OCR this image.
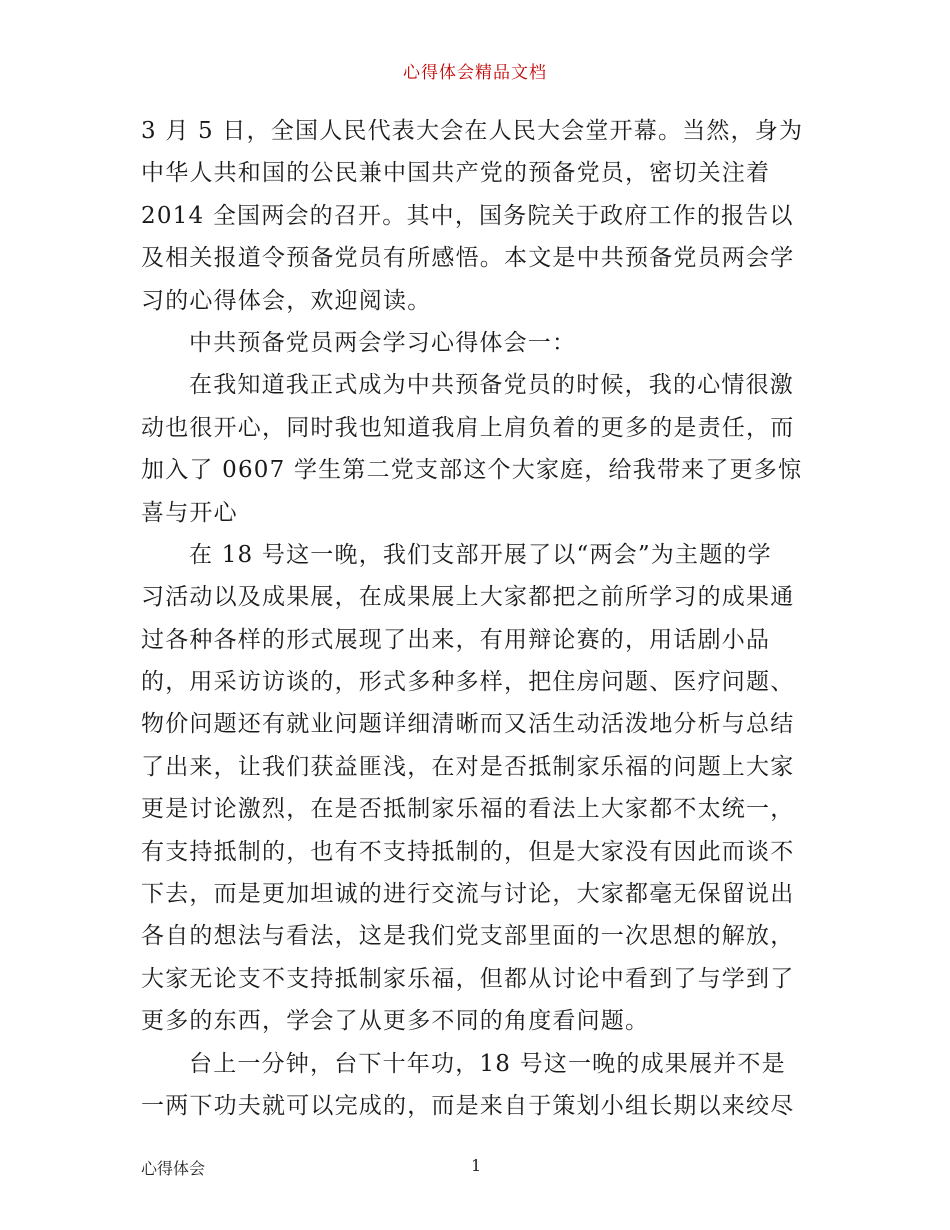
心得体会精品文档
3 月 5 日，全国人民代表大会在人民大会堂开幕。当然，身为
中华人共和国的公民兼中国共产党的预备党员，密切关注着
2014 全国两会的召开。其中，国务院关于政府工作的报告以
及相关报道令预备党员有所感悟。本文是中共预备党员两会学
习的心得体会，欢迎阅读。
中共预备党员两会学习心得体会一：
在我知道我正式成为中共预备党员的时候，我的心情很激
动也很开心，同时我也知道我肩上肩负着的更多的是责任，而
加入了 0607 学生第二党支部这个大家庭，给我带来了更多惊
喜与开心
在 18 号这一晚，我们支部开展了以“两会”为主题的学
习活动以及成果展，在成果展上大家都把之前所学习的成果通
过各种各样的形式展现了出来，有用辩论赛的，用话剧小品
的，用采访访谈的，形式多种多样，把住房问题、医疗问题、
物价问题还有就业问题详细清晰而又活生动活泼地分析与总结
了出来，让我们获益匪浅，在对是否抵制家乐福的问题上大家
更是讨论激烈，在是否抵制家乐福的看法上大家都不太统一，
有支持抵制的，也有不支持抵制的，但是大家没有因此而谈不
下去，而是更加坦诚的进行交流与讨论，大家都毫无保留说出
各自的想法与看法，这是我们党支部里面的一次思想的解放，
大家无论支不支持抵制家乐福，但都从讨论中看到了与学到了
更多的东西，学会了从更多不同的角度看问题。
台上一分钟，台下十年功，18 号这一晚的成果展并不是
一两下功夫就可以完成的，而是来自于策划小组长期以来绞尽
心得体会	1
